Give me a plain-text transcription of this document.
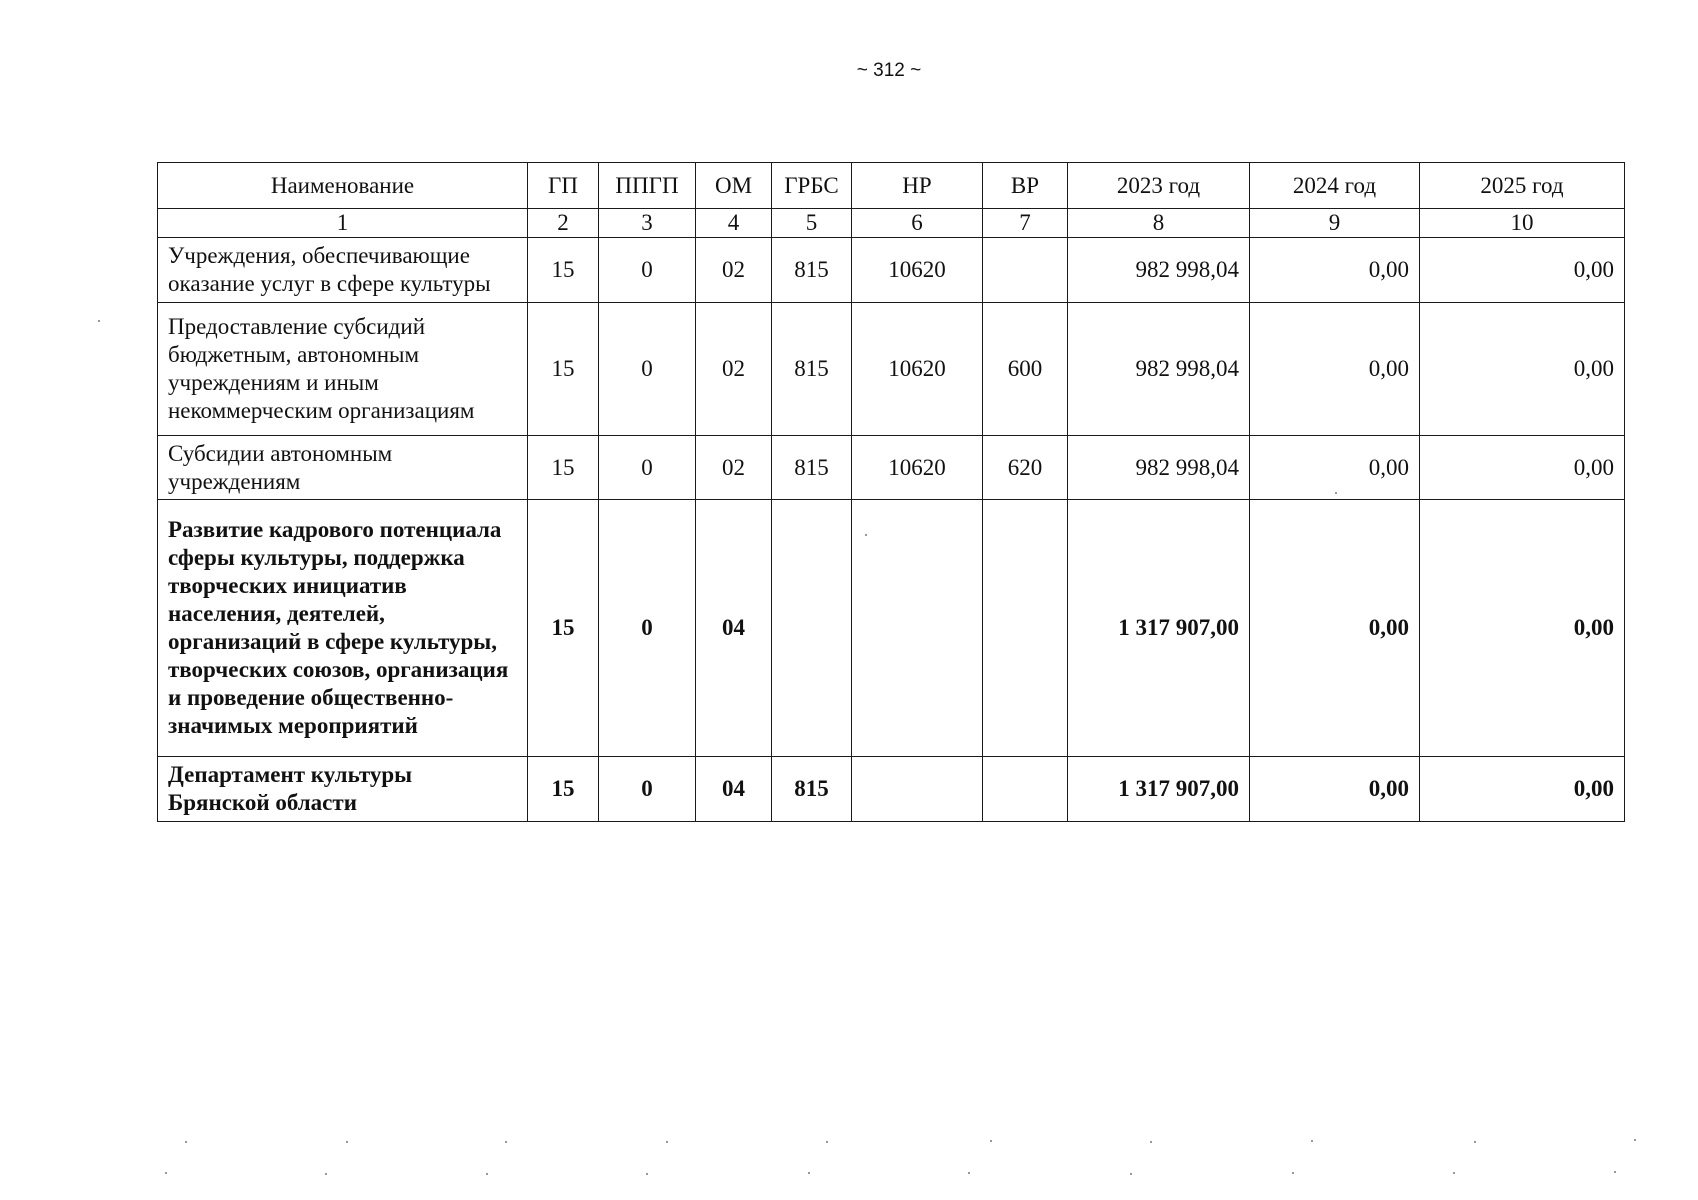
~ 312 ~
Наименование	ГП	ППГП	ОМ	ГРБС	НР	ВР	2023 год	2024 год	2025 год
1	2	3	4	5	6	7	8	9	10
Учреждения, обеспечивающие оказание услуг в сфере культуры	15	0	02	815	10620		982 998,04	0,00	0,00
Предоставление субсидий бюджетным, автономным учреждениям и иным некоммерческим организациям	15	0	02	815	10620	600	982 998,04	0,00	0,00
Субсидии автономным учреждениям	15	0	02	815	10620	620	982 998,04	0,00	0,00
Развитие кадрового потенциала сферы культуры, поддержка творческих инициатив населения, деятелей, организаций в сфере культуры, творческих союзов, организация и проведение общественно-значимых мероприятий	15	0	04				1 317 907,00	0,00	0,00
Департамент культуры Брянской области	15	0	04	815			1 317 907,00	0,00	0,00
